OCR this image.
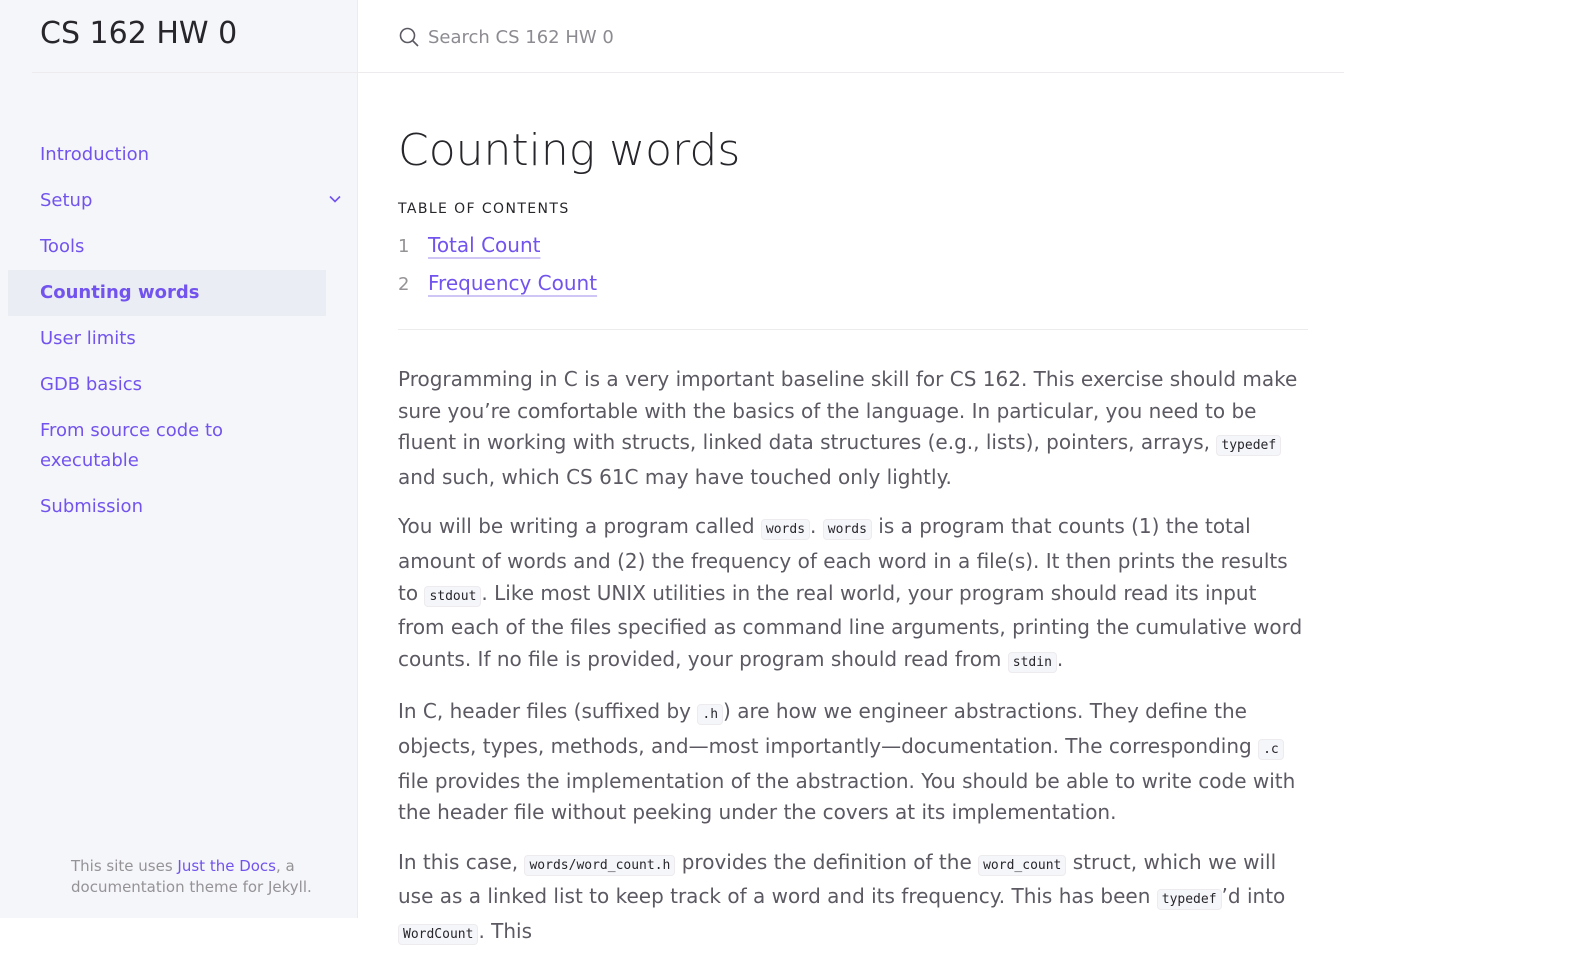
CS 162 HW 0
Introduction
Setup
Tools
Counting words
User limits
GDB basics
From source code to executable
Submission
This site uses Just the Docs, a documentation theme for Jekyll.
Search CS 162 HW 0
Counting words
TABLE OF CONTENTS
1 Total Count
2 Frequency Count

Programming in C is a very important baseline skill for CS 162. This exercise should make sure you’re comfortable with the basics of the language. In particular, you need to be fluent in working with structs, linked data structures (e.g., lists), pointers, arrays, typedef and such, which CS 61C may have touched only lightly.

You will be writing a program called words . words is a program that counts (1) the total amount of words and (2) the frequency of each word in a file(s). It then prints the results to stdout . Like most UNIX utilities in the real world, your program should read its input from each of the files specified as command line arguments, printing the cumulative word counts. If no file is provided, your program should read from stdin .

In C, header files (suffixed by .h ) are how we engineer abstractions. They define the objects, types, methods, and—most importantly—documentation. The corresponding .c file provides the implementation of the abstraction. You should be able to write code with the header file without peeking under the covers at its implementation.

In this case, words/word_count.h provides the definition of the word_count struct, which we will use as a linked list to keep track of a word and its frequency. This has been typedef ’d into WordCount . This
